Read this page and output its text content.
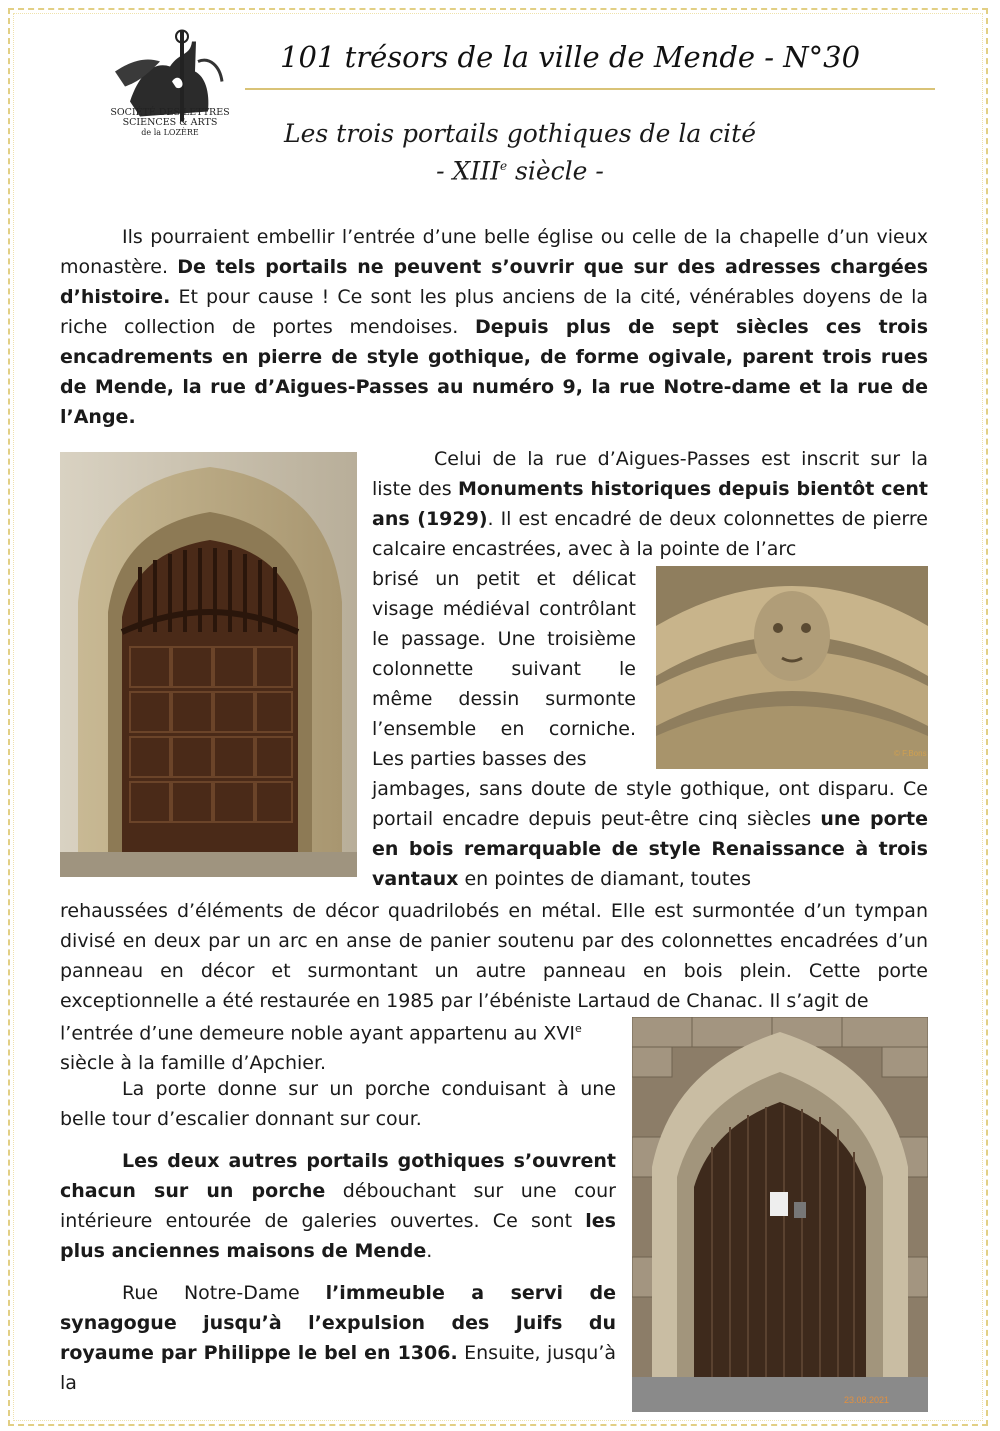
SOCIÉTÉ DES LETTRES
SCIENCES & ARTS
de la LOZÈRE
101 trésors de la ville de Mende - N°30
Les trois portails gothiques de la cité
- XIIIe siècle -

Ils pourraient embellir l’entrée d’une belle église ou celle de la chapelle d’un vieux monastère. De tels portails ne peuvent s’ouvrir que sur des adresses chargées d’histoire. Et pour cause ! Ce sont les plus anciens de la cité, vénérables doyens de la riche collection de portes mendoises. Depuis plus de sept siècles ces trois encadrements en pierre de style gothique, de forme ogivale, parent trois rues de Mende, la rue d’Aigues-Passes au numéro 9, la rue Notre-dame et la rue de l’Ange.

Celui de la rue d’Aigues-Passes est inscrit sur la liste des Monuments historiques depuis bientôt cent ans (1929). Il est encadré de deux colonnettes de pierre calcaire encastrées, avec à la pointe de l’arc

brisé un petit et délicat visage médiéval contrôlant le passage. Une troisième colonnette suivant le même dessin surmonte l’ensemble en corniche. Les parties basses des	© F.Bons

jambages, sans doute de style gothique, ont disparu. Ce portail encadre depuis peut-être cinq siècles une porte en bois remarquable de style Renaissance à trois vantaux en pointes de diamant, toutes

rehaussées d’éléments de décor quadrilobés en métal. Elle est surmontée d’un tympan divisé en deux par un arc en anse de panier soutenu par des colonnettes encadrées d’un panneau en décor et surmontant un autre panneau en bois plein. Cette porte exceptionnelle a été restaurée en 1985 par l’ébéniste Lartaud de Chanac. Il s’agit de

l’entrée d’une demeure noble ayant appartenu au XVIe
siècle à la famille d’Apchier.

23.08.2021

La porte donne sur un porche conduisant à une belle tour d’escalier donnant sur cour.

Les deux autres portails gothiques s’ouvrent chacun sur un porche débouchant sur une cour intérieure entourée de galeries ouvertes. Ce sont les plus anciennes maisons de Mende.

Rue Notre-Dame l’immeuble a servi de synagogue jusqu’à l’expulsion des Juifs du royaume par Philippe le bel en 1306. Ensuite, jusqu’à la
